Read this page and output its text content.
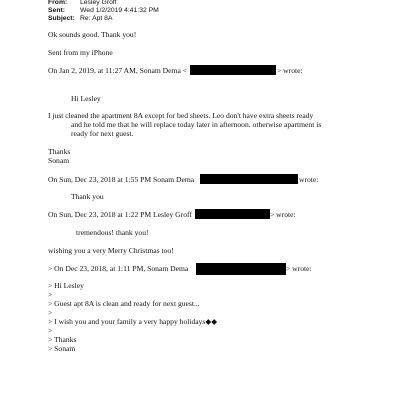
From: Lesley Groff
Sent: Wed 1/2/2019 4:41:32 PM
Subject: Re: Apt 8A
Ok sounds good. Thank you!
Sent from my iPhone
On Jan 2, 2019, at 11:27 AM, Sonam Dema <	> wrote:
Hi Lesley
I just cleaned the apartment 8A except for bed sheets. Leo don't have extra sheets ready
and he told me that he will replace today later in afternoon. otherwise apartment is
ready for next guest.
Thanks
Sonam
On Sun, Dec 23, 2018 at 1:55 PM Sonam Dema	wrote:
Thank you
On Sun, Dec 23, 2018 at 1:22 PM Lesley Groff	> wrote:
tremendous! thank you!
wishing you a very Merry Christmas too!
> On Dec 23, 2018, at 1:11 PM, Sonam Dema	> wrote:
> Hi Lesley
>
> Guest apt 8A is clean and ready for next guest...
>
> I wish you and your family a very happy holidays◆◆
>
> Thanks
> Sonam
